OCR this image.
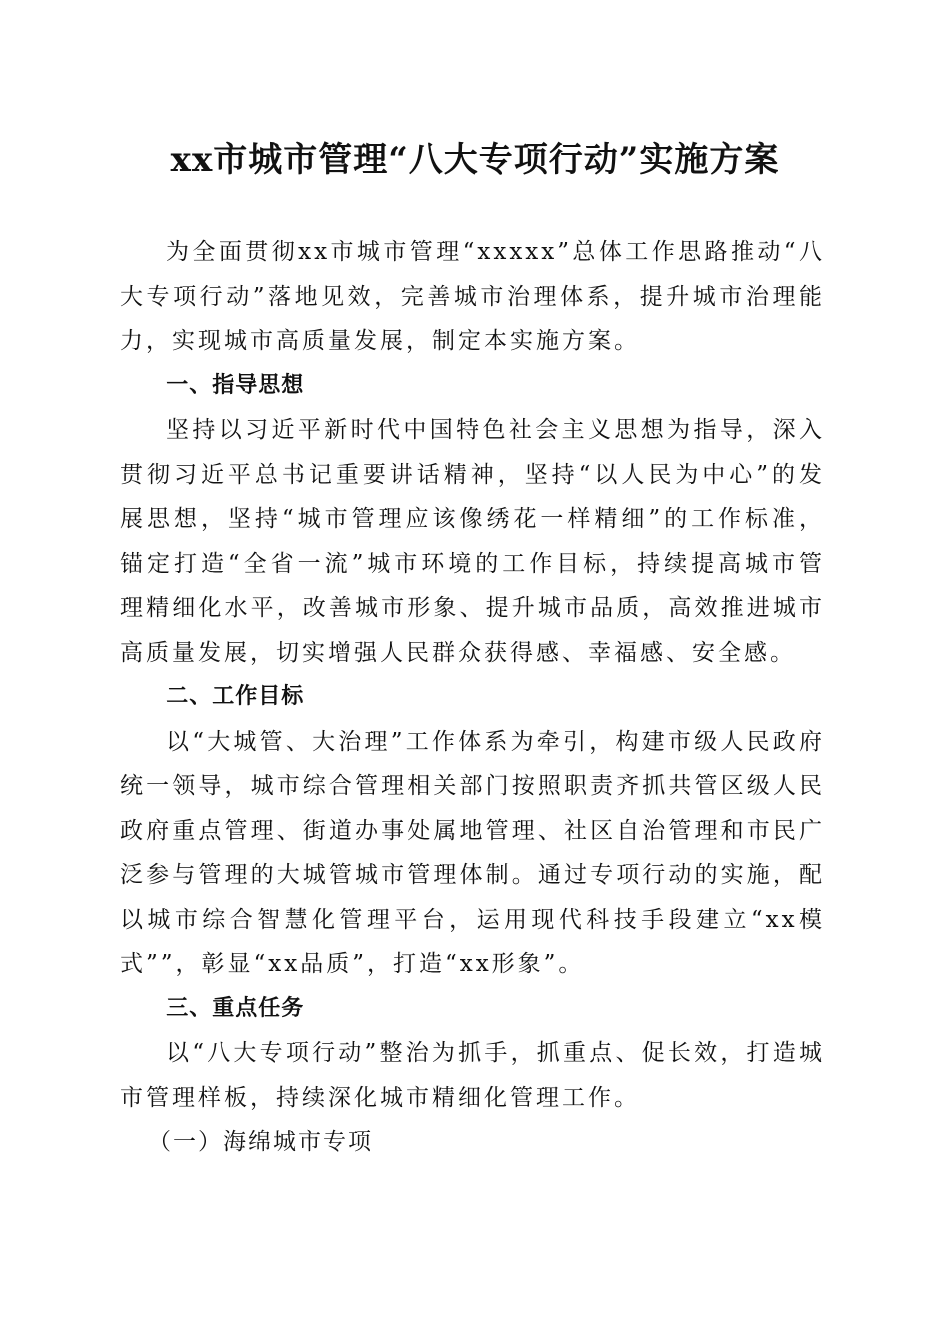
xx市城市管理“八大专项行动”实施方案

为全面贯彻xx市城市管理“xxxxx”总体工作思路推动“八大专项行动”落地见效，完善城市治理体系，提升城市治理能力，实现城市高质量发展，制定本实施方案。

一、指导思想

坚持以习近平新时代中国特色社会主义思想为指导，深入贯彻习近平总书记重要讲话精神，坚持“以人民为中心”的发展思想，坚持“城市管理应该像绣花一样精细”的工作标准，锚定打造“全省一流”城市环境的工作目标，持续提高城市管理精细化水平，改善城市形象、提升城市品质，高效推进城市高质量发展，切实增强人民群众获得感、幸福感、安全感。

二、工作目标

以“大城管、大治理”工作体系为牵引，构建市级人民政府统一领导，城市综合管理相关部门按照职责齐抓共管区级人民政府重点管理、街道办事处属地管理、社区自治管理和市民广泛参与管理的大城管城市管理体制。通过专项行动的实施，配以城市综合智慧化管理平台，运用现代科技手段建立“xx模式””，彰显“xx品质”，打造“xx形象”。

三、重点任务

以“八大专项行动”整治为抓手，抓重点、促长效，打造城市管理样板，持续深化城市精细化管理工作。

（一）海绵城市专项
